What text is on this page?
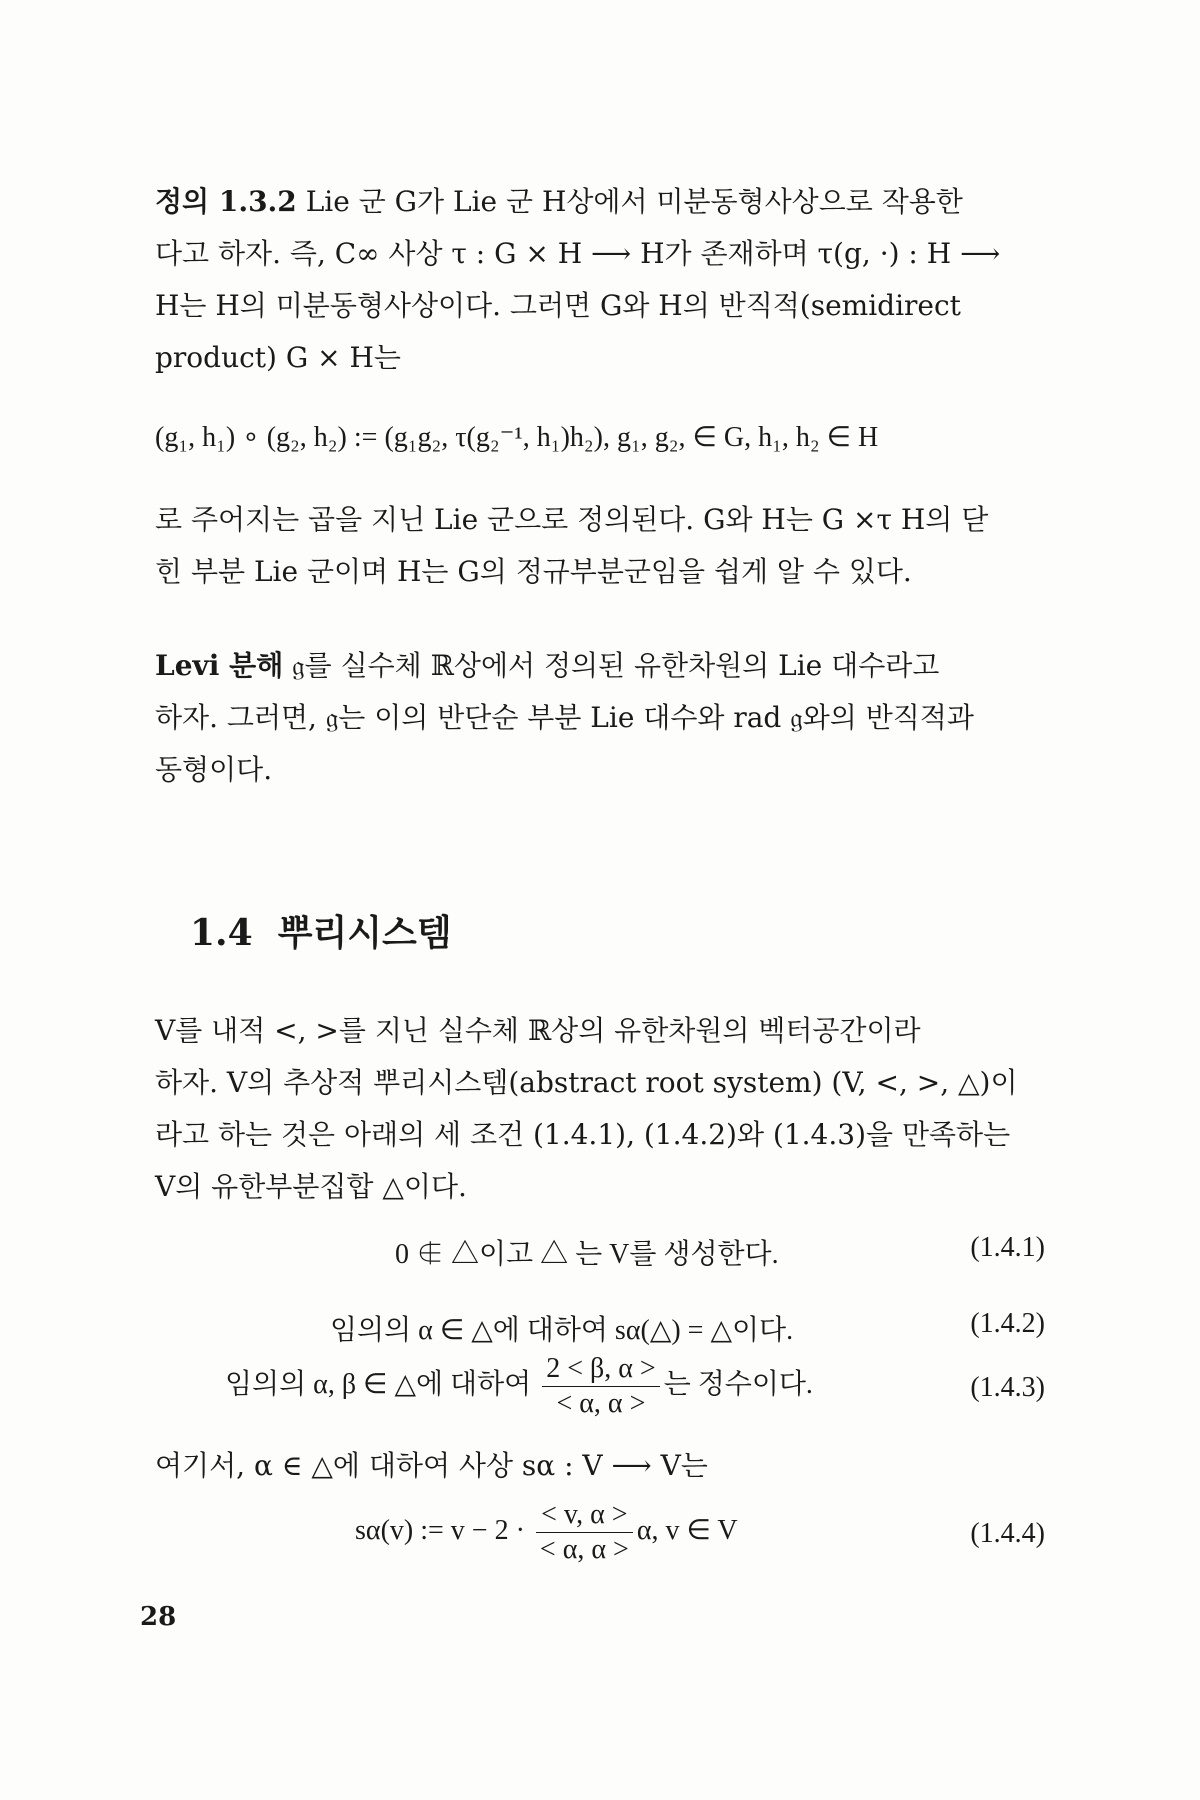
정의 1.3.2 Lie 군 G가 Lie 군 H상에서 미분동형사상으로 작용한

다고 하자. 즉, C∞ 사상 τ : G × H ⟶ H가 존재하며 τ(g, ·) : H ⟶

H는 H의 미분동형사상이다. 그러면 G와 H의 반직적(semidirect

product) G × H는

(g₁, h₁) ∘ (g₂, h₂) := (g₁g₂, τ(g₂⁻¹, h₁)h₂), g₁, g₂, ∈ G, h₁, h₂ ∈ H

로 주어지는 곱을 지닌 Lie 군으로 정의된다. G와 H는 G ×τ H의 닫

힌 부분 Lie 군이며 H는 G의 정규부분군임을 쉽게 알 수 있다.

Levi 분해 𝔤를 실수체 ℝ상에서 정의된 유한차원의 Lie 대수라고

하자. 그러면, 𝔤는 이의 반단순 부분 Lie 대수와 rad 𝔤와의 반직적과

동형이다.

1.4 뿌리시스템

V를 내적 <, >를 지닌 실수체 ℝ상의 유한차원의 벡터공간이라

하자. V의 추상적 뿌리시스템(abstract root system) (V, <, >, △)이

라고 하는 것은 아래의 세 조건 (1.4.1), (1.4.2)와 (1.4.3)을 만족하는

V의 유한부분집합 △이다.

0 ∉ △이고 △ 는 V를 생성한다.	(1.4.1)
임의의 α ∈ △에 대하여 sα(△) = △이다.	(1.4.2)
임의의 α, β ∈ △에 대하여 $\frac{2 < \beta, \alpha >}{< \alpha, \alpha >}$ 는 정수이다.	(1.4.3)

여기서, α ∈ △에 대하여 사상 sα : V ⟶ V는

sα(v) := $v - 2 \cdot \frac{< v, \alpha >}{< \alpha, \alpha >} \alpha$, v ∈ V	(1.4.4)
28
